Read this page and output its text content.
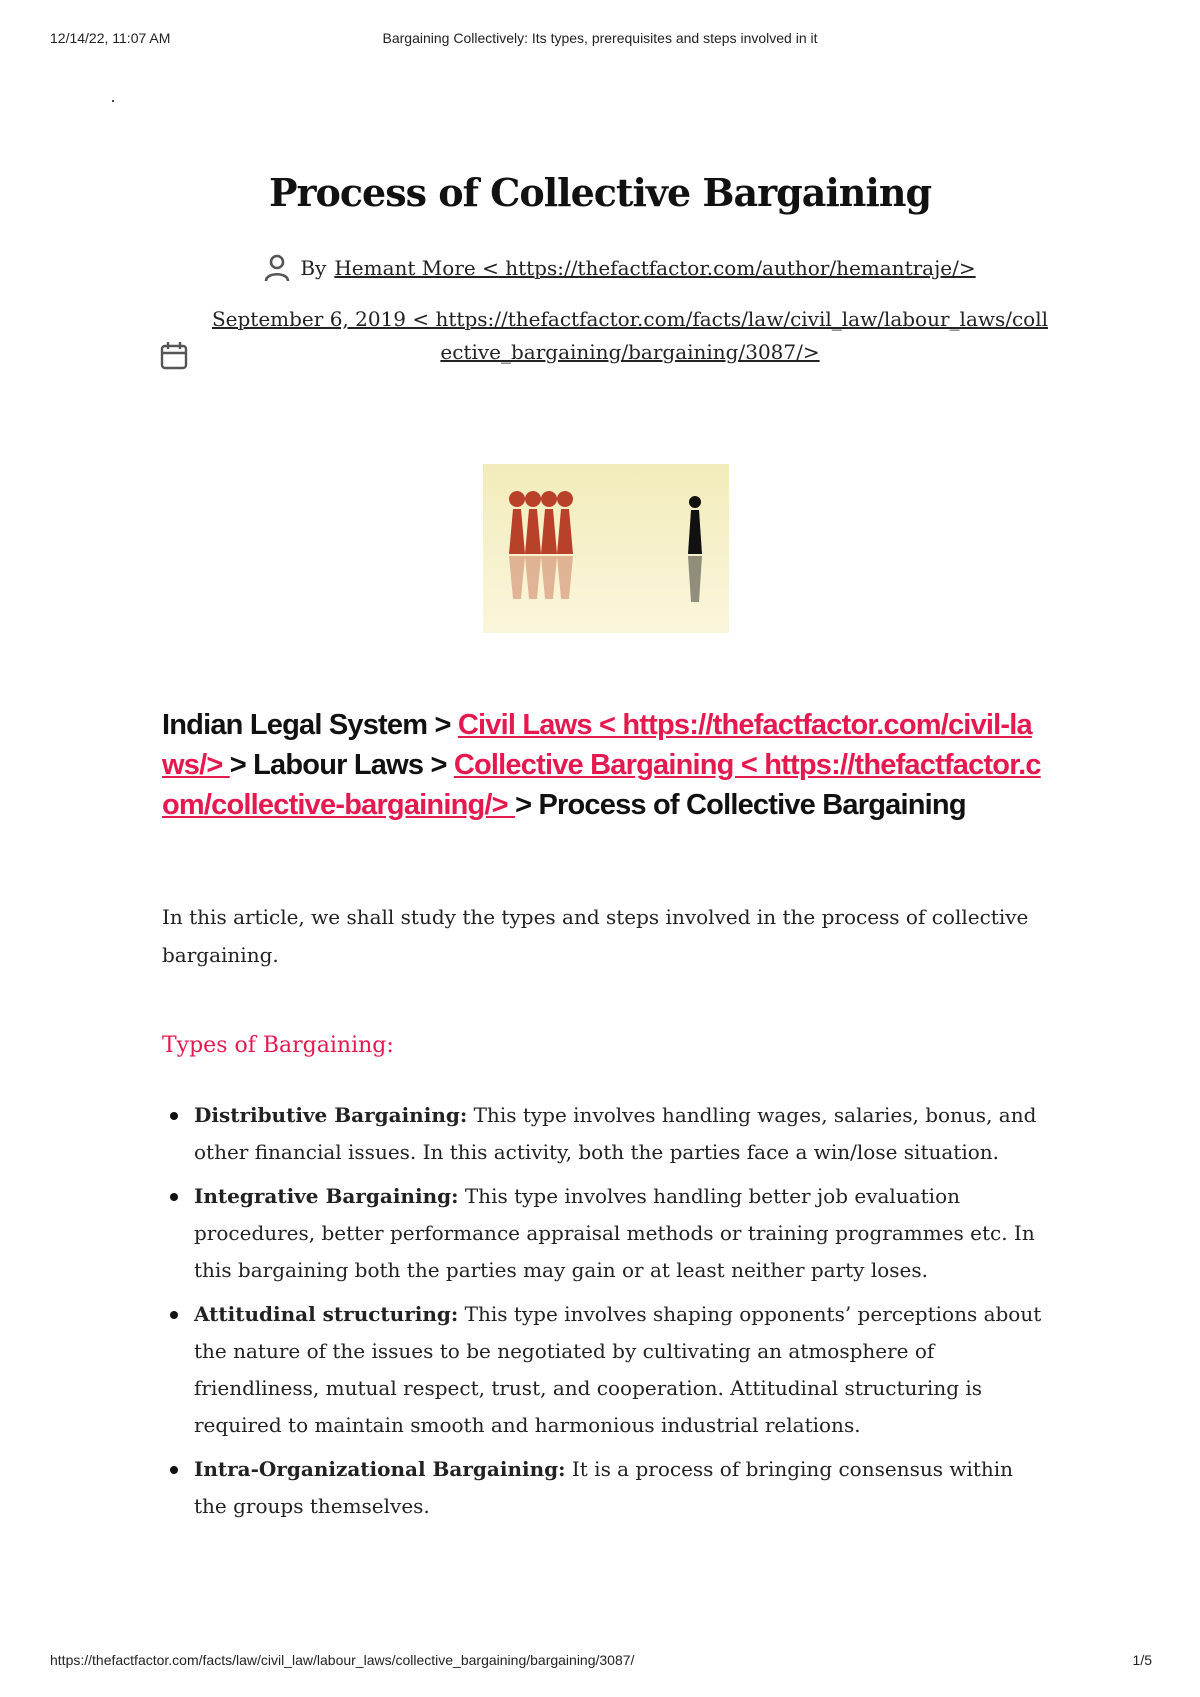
12/14/22, 11:07 AM	Bargaining Collectively: Its types, prerequisites and steps involved in it
Process of Collective Bargaining
By Hemant More < https://thefactfactor.com/author/hemantraje/>
September 6, 2019 < https://thefactfactor.com/facts/law/civil_law/labour_laws/collective_bargaining/bargaining/3087/>
Indian Legal System > Civil Laws < https://thefactfactor.com/civil-laws/> > Labour Laws > Collective Bargaining < https://thefactfactor.com/collective-bargaining/> > Process of Collective Bargaining

In this article, we shall study the types and steps involved in the process of collective bargaining.

Types of Bargaining:
Distributive Bargaining: This type involves handling wages, salaries, bonus, and other financial issues. In this activity, both the parties face a win/lose situation.
Integrative Bargaining: This type involves handling better job evaluation procedures, better performance appraisal methods or training programmes etc. In this bargaining both the parties may gain or at least neither party loses.
Attitudinal structuring: This type involves shaping opponents’ perceptions about the nature of the issues to be negotiated by cultivating an atmosphere of friendliness, mutual respect, trust, and cooperation. Attitudinal structuring is required to maintain smooth and harmonious industrial relations.
Intra-Organizational Bargaining: It is a process of bringing consensus within the groups themselves.
https://thefactfactor.com/facts/law/civil_law/labour_laws/collective_bargaining/bargaining/3087/	1/5
